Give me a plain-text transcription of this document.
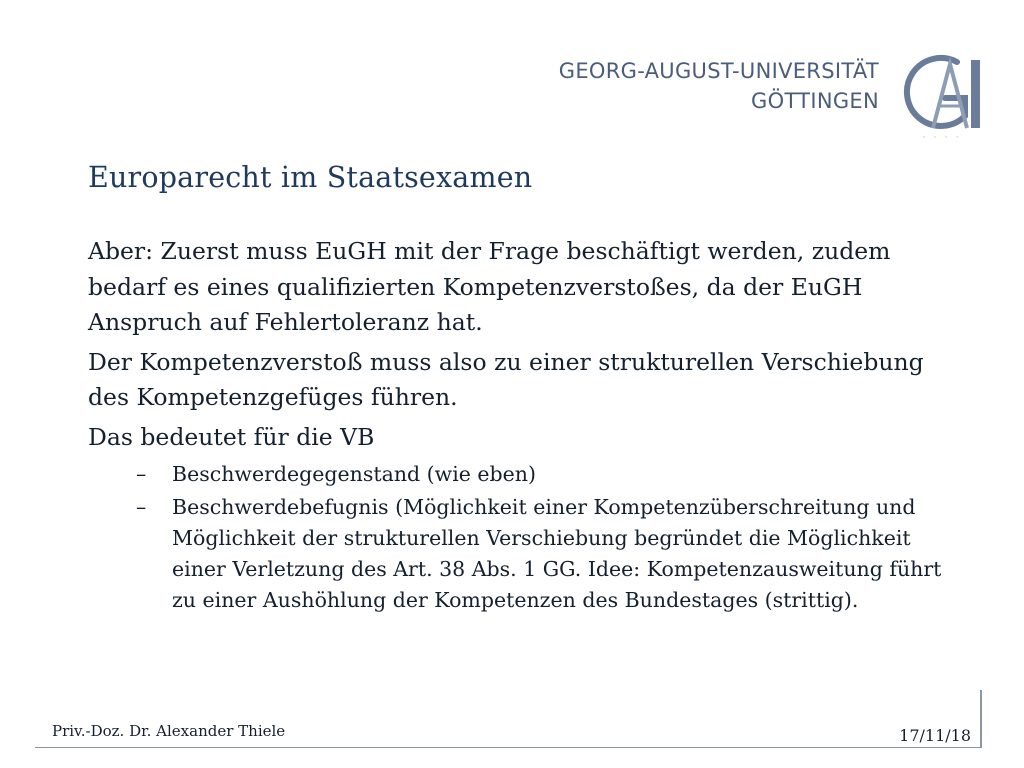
GEORG-AUGUST-UNIVERSITÄT
GÖTTINGEN
· · · ·
Europarecht im Staatsexamen

Aber: Zuerst muss EuGH mit der Frage beschäftigt werden, zudem bedarf es eines qualifizierten Kompetenzverstoßes, da der EuGH Anspruch auf Fehlertoleranz hat.

Der Kompetenzverstoß muss also zu einer strukturellen Verschiebung des Kompetenzgefüges führen.

Das bedeutet für die VB

– Beschwerdegegenstand (wie eben)
– Beschwerdebefugnis (Möglichkeit einer Kompetenzüberschreitung und Möglichkeit der strukturellen Verschiebung begründet die Möglichkeit einer Verletzung des Art. 38 Abs. 1 GG. Idee: Kompetenzausweitung führt zu einer Aushöhlung der Kompetenzen des Bundestages (strittig).
Priv.-Doz. Dr. Alexander Thiele	17/11/18
